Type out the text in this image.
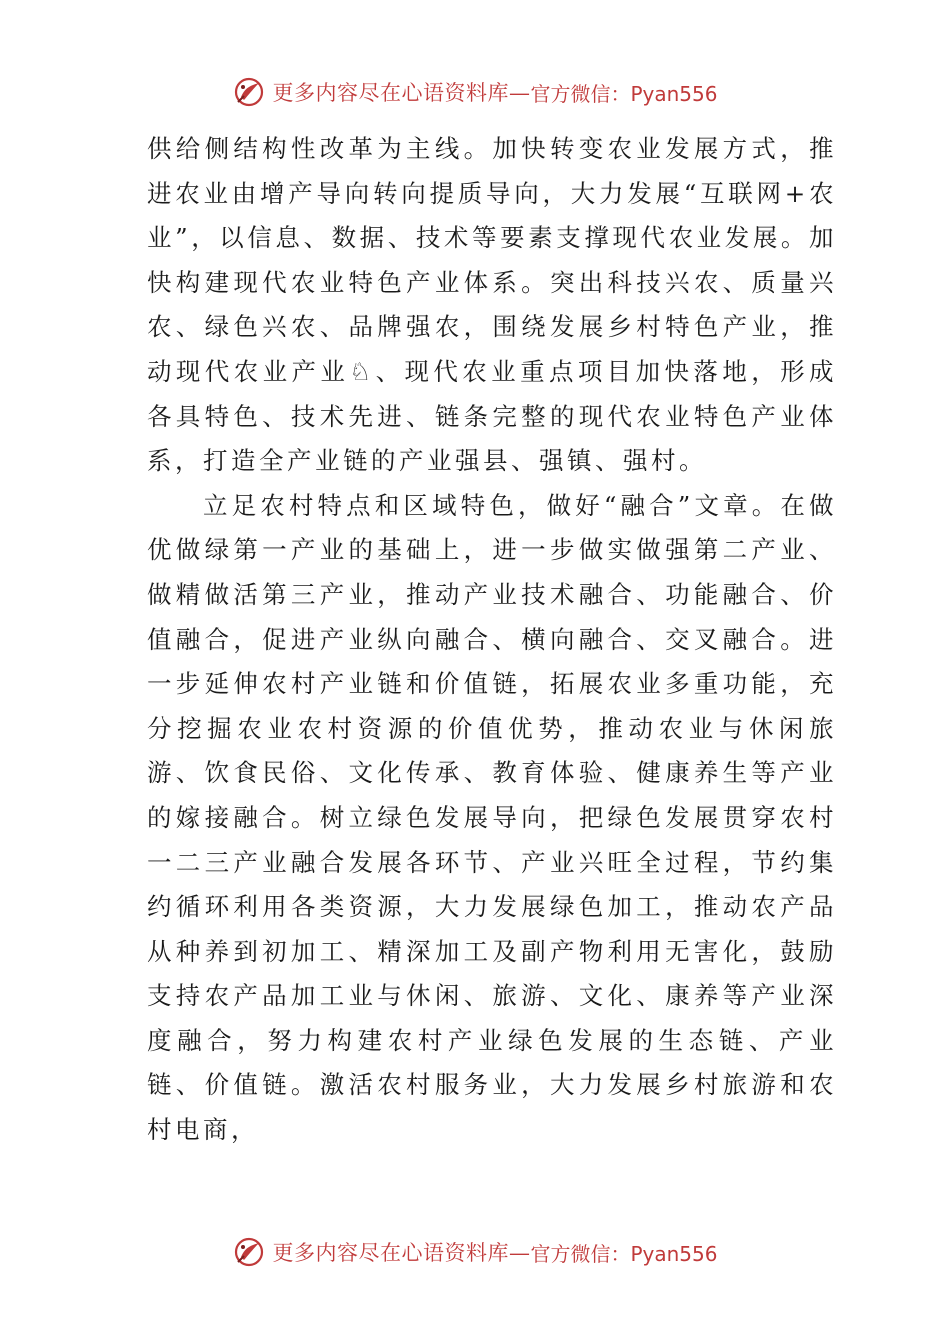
更多内容尽在心语资料库— 官方微信：Pyan556

供给侧结构性改革为主线。加快转变农业发展方式，推进农业由增产导向转向提质导向，大力发展“互联网+农业”，以信息、数据、技术等要素支撑现代农业发展。加快构建现代农业特色产业体系。突出科技兴农、质量兴农、绿色兴农、品牌强农，围绕发展乡村特色产业，推动现代农业产业♘、现代农业重点项目加快落地，形成各具特色、技术先进、链条完整的现代农业特色产业体系，打造全产业链的产业强县、强镇、强村。

立足农村特点和区域特色，做好“融合”文章。在做优做绿第一产业的基础上，进一步做实做强第二产业、做精做活第三产业，推动产业技术融合、功能融合、价值融合，促进产业纵向融合、横向融合、交叉融合。进一步延伸农村产业链和价值链，拓展农业多重功能，充分挖掘农业农村资源的价值优势，推动农业与休闲旅游、饮食民俗、文化传承、教育体验、健康养生等产业的嫁接融合。树立绿色发展导向，把绿色发展贯穿农村一二三产业融合发展各环节、产业兴旺全过程，节约集约循环利用各类资源，大力发展绿色加工，推动农产品从种养到初加工、精深加工及副产物利用无害化，鼓励支持农产品加工业与休闲、旅游、文化、康养等产业深度融合，努力构建农村产业绿色发展的生态链、产业链、价值链。激活农村服务业，大力发展乡村旅游和农村电商，

更多内容尽在心语资料库— 官方微信：Pyan556
